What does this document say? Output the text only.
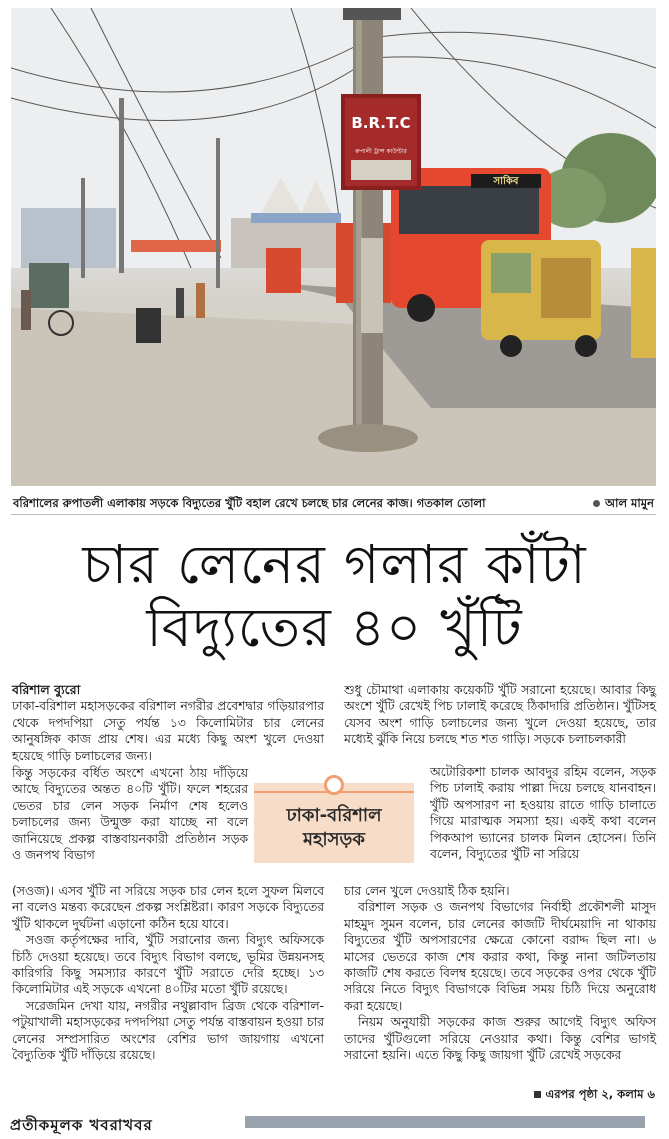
B.R.T.C
রুপালী ট্রান্স কাউন্টার
সাকিব
বরিশালের রুপাতলী এলাকায় সড়কে বিদ্যুতের খুঁটি বহাল রেখে চলছে চার লেনের কাজ। গতকাল তোলা	আল মামুন
চার লেনের গলার কাঁটা
বিদ্যুতের ৪০ খুঁটি
বরিশাল ব্যুরো
ঢাকা-বরিশাল মহাসড়কের বরিশাল নগরীর প্রবেশদ্বার গড়িয়ারপার থেকে দপদপিয়া সেতু পর্যন্ত ১৩ কিলোমিটার চার লেনের আনুষঙ্গিক কাজ প্রায় শেষ। এর মধ্যে কিছু অংশ খুলে দেওয়া হয়েছে গাড়ি চলাচলের জন্য।
কিন্তু সড়কের বর্ধিত অংশে এখনো ঠায় দাঁড়িয়ে আছে বিদ্যুতের অন্তত ৪০টি খুঁটি। ফলে শহরের ভেতর চার লেন সড়ক নির্মাণ শেষ হলেও চলাচলের জন্য উন্মুক্ত করা যাচ্ছে না বলে জানিয়েছে প্রকল্প বাস্তবায়নকারী প্রতিষ্ঠান সড়ক ও জনপথ বিভাগ
(সওজ)। এসব খুঁটি না সরিয়ে সড়ক চার লেন হলে সুফল মিলবে না বলেও মন্তব্য করেছেন প্রকল্প সংশ্লিষ্টরা। কারণ সড়কে বিদ্যুতের খুঁটি থাকলে দুর্ঘটনা এড়ানো কঠিন হয়ে যাবে।

সওজ কর্তৃপক্ষের দাবি, খুঁটি সরানোর জন্য বিদ্যুৎ অফিসকে চিঠি দেওয়া হয়েছে। তবে বিদ্যুৎ বিভাগ বলছে, ভূমির উন্নয়নসহ কারিগরি কিছু সমস্যার কারণে খুঁটি সরাতে দেরি হচ্ছে। ১৩ কিলোমিটার এই সড়কে এখনো ৪০টির মতো খুঁটি রয়েছে।

সরেজমিন দেখা যায়, নগরীর নথুল্লাবাদ ব্রিজ থেকে বরিশাল-পটুয়াখালী মহাসড়কের দপদপিয়া সেতু পর্যন্ত বাস্তবায়ন হওয়া চার লেনের সম্প্রসারিত অংশের বেশির ভাগ জায়গায় এখনো বৈদ্যুতিক খুঁটি দাঁড়িয়ে রয়েছে।

শুধু চৌমাথা এলাকায় কয়েকটি খুঁটি সরানো হয়েছে। আবার কিছু অংশে খুঁটি রেখেই পিচ ঢালাই করেছে ঠিকাদারি প্রতিষ্ঠান। খুঁটিসহ যেসব অংশ গাড়ি চলাচলের জন্য খুলে দেওয়া হয়েছে, তার মধ্যেই ঝুঁকি নিয়ে চলছে শত শত গাড়ি। সড়কে চলাচলকারী
অটোরিকশা চালক আবদুর রহিম বলেন, সড়ক পিচ ঢালাই করায় পাল্লা দিয়ে চলছে যানবাহন। খুঁটি অপসারণ না হওয়ায় রাতে গাড়ি চালাতে গিয়ে মারাত্মক সমস্যা হয়। একই কথা বলেন পিকআপ ভ্যানের চালক মিলন হোসেন। তিনি বলেন, বিদ্যুতের খুঁটি না সরিয়ে
চার লেন খুলে দেওয়াই ঠিক হয়নি।

বরিশাল সড়ক ও জনপথ বিভাগের নির্বাহী প্রকৌশলী মাসুদ মাহমুদ সুমন বলেন, চার লেনের কাজটি দীর্ঘমেয়াদি না থাকায় বিদ্যুতের খুঁটি অপসারণের ক্ষেত্রে কোনো বরাদ্দ ছিল না। ৬ মাসের ভেতরে কাজ শেষ করার কথা, কিন্তু নানা জটিলতায় কাজটি শেষ করতে বিলম্ব হয়েছে। তবে সড়কের ওপর থেকে খুঁটি সরিয়ে নিতে বিদ্যুৎ বিভাগকে বিভিন্ন সময় চিঠি দিয়ে অনুরোধ করা হয়েছে।

নিয়ম অনুযায়ী সড়কের কাজ শুরুর আগেই বিদ্যুৎ অফিস তাদের খুঁটিগুলো সরিয়ে নেওয়ার কথা। কিন্তু বেশির ভাগই সরানো হয়নি। এতে কিছু কিছু জায়গা খুঁটি রেখেই সড়কের

ঢাকা-বরিশাল
মহাসড়ক
এরপর পৃষ্ঠা ২, কলাম ৬
প্রতীকমূলক খবরাখবর
